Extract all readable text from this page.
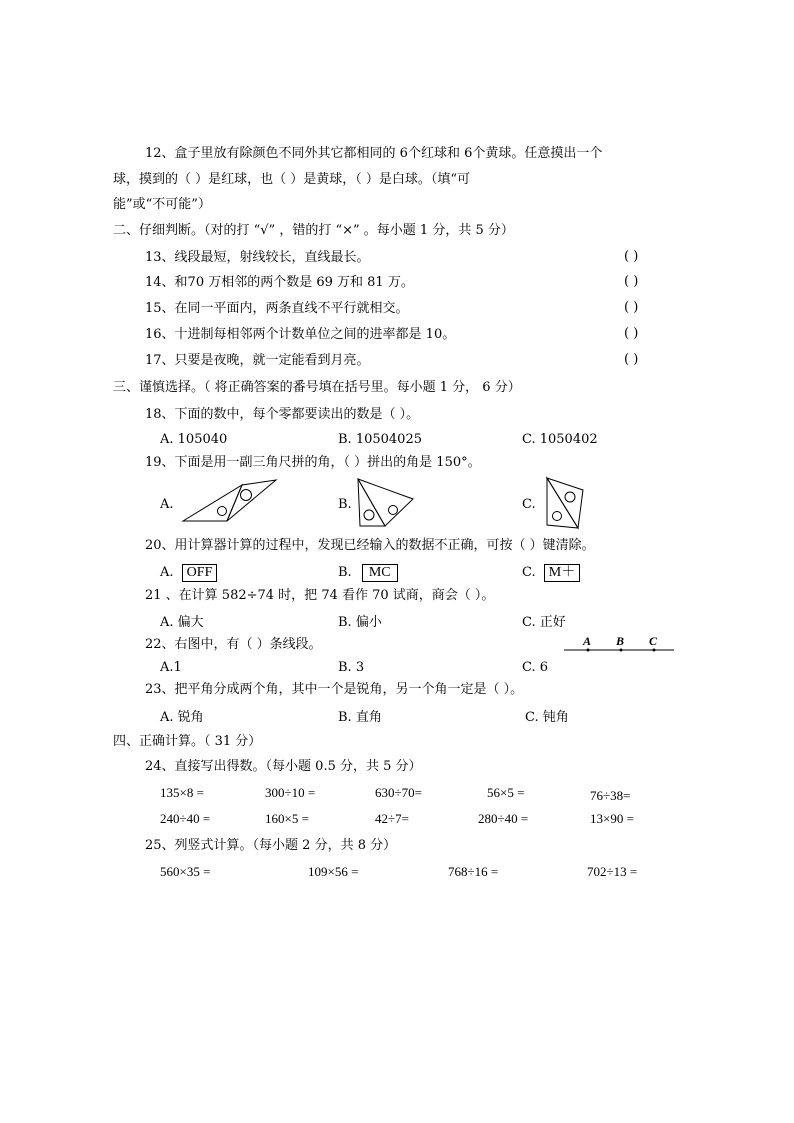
12、盒子里放有除颜色不同外其它都相同的 6个红球和 6个黄球。任意摸出一个
球，摸到的（ ）是红球，也（ ）是黄球，（ ）是白球。（填“可
能”或“不可能”）
二、仔细判断。（对的打 “√” ，错的打 “×” 。每小题 1 分，共 5 分）
13、线段最短，射线较长，直线最长。	( )
14、和70 万相邻的两个数是 69 万和 81 万。	( )
15、在同一平面内，两条直线不平行就相交。	( )
16、十进制每相邻两个计数单位之间的进率都是 10。	( )
17、只要是夜晚，就一定能看到月亮。	( )
三、谨慎选择。（ 将正确答案的番号填在括号里。每小题 1 分， 6 分）
18、下面的数中，每个零都要读出的数是（ ）。
A. 105040	B. 10504025	C. 1050402
19、下面是用一副三角尺拼的角，（ ）拼出的角是 150°。
A.	B.	C.
20、用计算器计算的过程中，发现已经输入的数据不正确，可按（ ）键清除。
A. OFF	B. MC	C. M＋
21 、在计算 582÷74 时，把 74 看作 70 试商，商会（ ）。
A. 偏大	B. 偏小	C. 正好
22、右图中，有（ ）条线段。
A.1	B. 3	C. 6
A B C
23、把平角分成两个角，其中一个是锐角，另一个角一定是（ ）。
A. 锐角	B. 直角	C. 钝角
四、正确计算。（ 31 分）
24、直接写出得数。（每小题 0.5 分，共 5 分）
135×8 =	300÷10 =	630÷70=	56×5 =	76÷38=
240÷40 =	160×5 =	42÷7=	280÷40 =	13×90 =
25、列竖式计算。（每小题 2 分，共 8 分）
560×35 =	109×56 =	768÷16 =	702÷13 =
